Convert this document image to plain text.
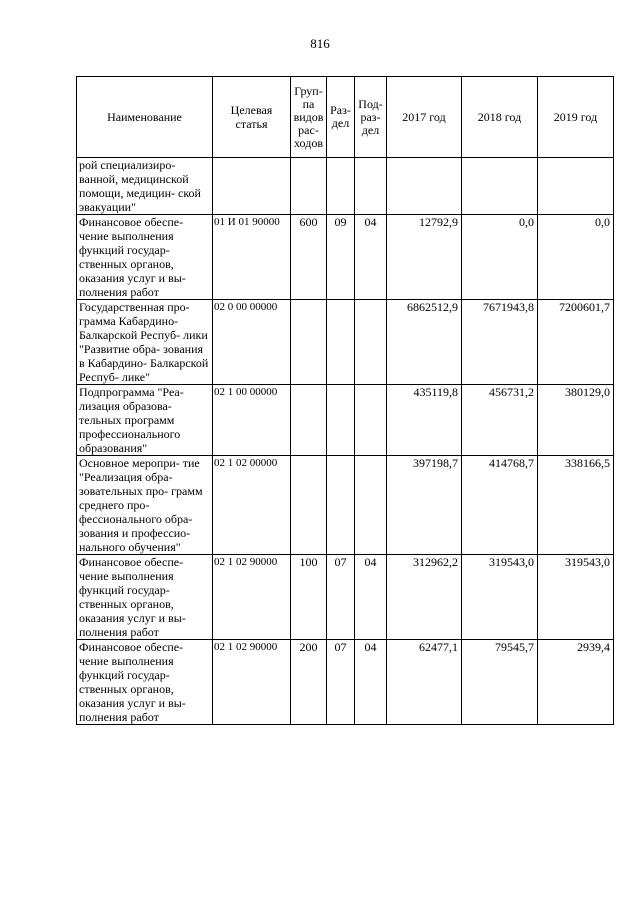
816
Наименование	Целевая статья	Груп- па видов рас- ходов	Раз- дел	Под- раз- дел	2017 год	2018 год	2019 год
рой специализиро- ванной, медицинской помощи, медицин- ской эвакуации"							
Финансовое обеспе- чение выполнения функций государ- ственных органов, оказания услуг и вы- полнения работ	01 И 01 90000	600	09	04	12792,9	0,0	0,0
Государственная про- грамма Кабардино- Балкарской Респуб- лики "Развитие обра- зования в Кабардино- Балкарской Респуб- лике"	02 0 00 00000				6862512,9	7671943,8	7200601,7
Подпрограмма "Реа- лизация образова- тельных программ профессионального образования"	02 1 00 00000				435119,8	456731,2	380129,0
Основное меропри- тие "Реализация обра- зовательных про- грамм среднего про- фессионального обра- зования и профессио- нального обучения"	02 1 02 00000				397198,7	414768,7	338166,5
Финансовое обеспе- чение выполнения функций государ- ственных органов, оказания услуг и вы- полнения работ	02 1 02 90000	100	07	04	312962,2	319543,0	319543,0
Финансовое обеспе- чение выполнения функций государ- ственных органов, оказания услуг и вы- полнения работ	02 1 02 90000	200	07	04	62477,1	79545,7	2939,4
